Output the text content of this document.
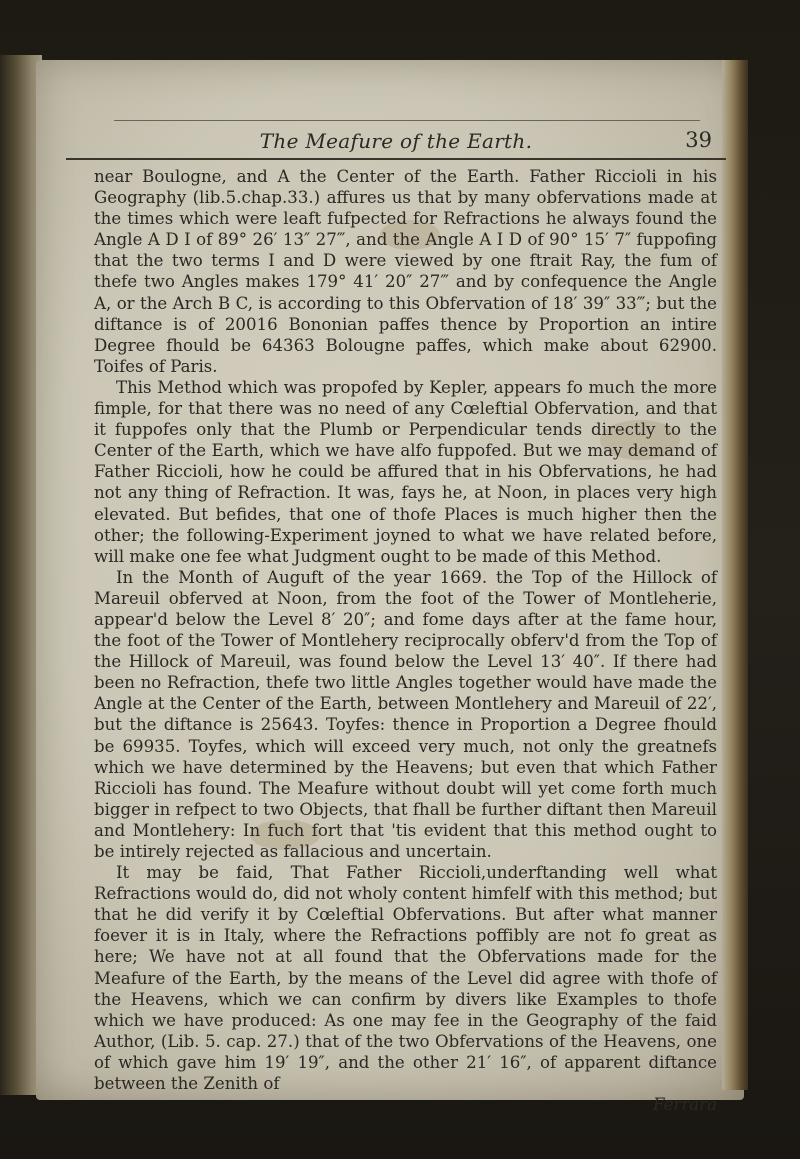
The Meafure of the Earth.	39

near Boulogne, and A the Center of the Earth. Father Riccioli in his Geography (lib.5.chap.33.) affures us that by many obfervations made at the times which were leaft fufpected for Refractions he always found the Angle A D I of 89° 26′ 13″ 27‴, and the Angle A I D of 90° 15′ 7″ fuppofing that the two terms I and D were viewed by one ftrait Ray, the fum of thefe two Angles makes 179° 41′ 20″ 27‴ and by confequence the Angle A, or the Arch B C, is according to this Obfervation of 18′ 39″ 33‴; but the diftance is of 20016 Bononian paffes thence by Proportion an intire Degree fhould be 64363 Bolougne paffes, which make about 62900. Toifes of Paris.

This Method which was propofed by Kepler, appears fo much the more fimple, for that there was no need of any Cœleftial Obfervation, and that it fuppofes only that the Plumb or Perpendicular tends directly to the Center of the Earth, which we have alfo fuppofed. But we may demand of Father Riccioli, how he could be affured that in his Obfervations, he had not any thing of Refraction. It was, fays he, at Noon, in places very high elevated. But befides, that one of thofe Places is much higher then the other; the following-Experiment joyned to what we have related before, will make one fee what Judgment ought to be made of this Method.

In the Month of Auguft of the year 1669. the Top of the Hillock of Mareuil obferved at Noon, from the foot of the Tower of Montleherie, appear'd below the Level 8′ 20″; and fome days after at the fame hour, the foot of the Tower of Montlehery reciprocally obferv'd from the Top of the Hillock of Mareuil, was found below the Level 13′ 40″. If there had been no Refraction, thefe two little Angles together would have made the Angle at the Center of the Earth, between Montlehery and Mareuil of 22′, but the diftance is 25643. Toyfes: thence in Proportion a Degree fhould be 69935. Toyfes, which will exceed very much, not only the greatnefs which we have determined by the Heavens; but even that which Father Riccioli has found. The Meafure without doubt will yet come forth much bigger in refpect to two Objects, that fhall be further diftant then Mareuil and Montlehery: In fuch fort that 'tis evident that this method ought to be intirely rejected as fallacious and uncertain.

It may be faid, That Father Riccioli,underftanding well what Refractions would do, did not wholy content himfelf with this method; but that he did verify it by Cœleftial Obfervations. But after what manner foever it is in Italy, where the Refractions poffibly are not fo great as here; We have not at all found that the Obfervations made for the Meafure of the Earth, by the means of the Level did agree with thofe of the Heavens, which we can confirm by divers like Examples to thofe which we have produced: As one may fee in the Geography of the faid Author, (Lib. 5. cap. 27.) that of the two Obfervations of the Heavens, one of which gave him 19′ 19″, and the other 21′ 16″, of apparent diftance between the Zenith of

Ferrara
